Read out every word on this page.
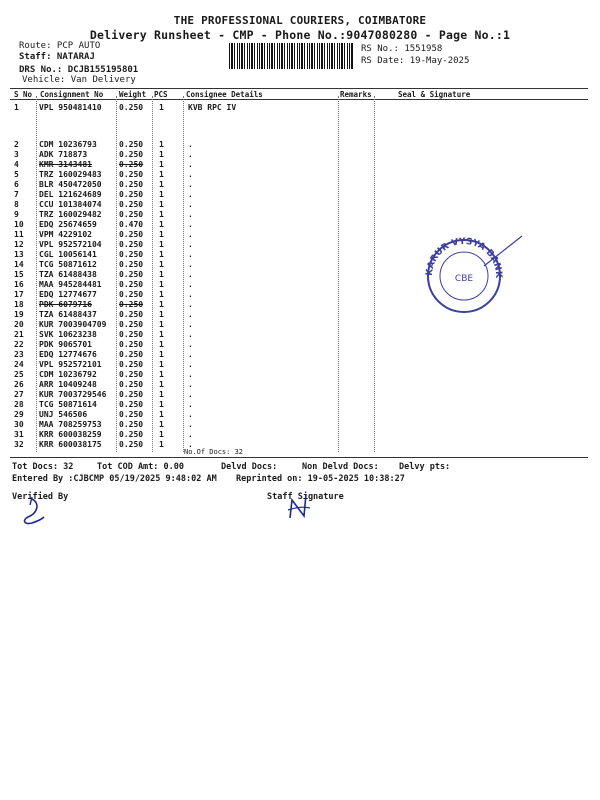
THE PROFESSIONAL COURIERS, COIMBATORE
Delivery Runsheet - CMP - Phone No.:9047080280 - Page No.:1
Route: PCP AUTO
Staff: NATARAJ
DRS No.: DCJB155195801
Vehicle: Van Delivery
RS No.: 1551958
RS Date: 19-May-2025
S No Consignment No Weight PCS Consignee Details	Remarks	Seal & Signature
1	VPL 950481410 0.250 1	KVB RPC IV
2	CDM 10236793	0.250 1	.
3	ADK 718873	0.250 1	.
4	KMR 3143481	0.250 1	.
5	TRZ 160029483 0.250 1	.
6	BLR 450472050 0.250 1	.
7	DEL 121624689 0.250 1	.
8	CCU 101384074 0.250 1	.
9	TRZ 160029482 0.250 1	.
10 EDQ 25674659	0.470 1	.
11 VPM 4229102	0.250 1	.
12 VPL 952572104 0.250 1	.
13 CGL 10056141	0.250 1	.
14 TCG 50871612	0.250 1	.
15 TZA 61488438	0.250 1	.
16 MAA 945284481 0.250 1	.
17 EDQ 12774677	0.250 1	.
18 PDK 6079716	0.250 1	.
19 TZA 61488437	0.250 1	.
20 KUR 7003904709 0.250 1	.
21 SVK 10623238	0.250 1	.
22 PDK 9065701	0.250 1	.
23 EDQ 12774676	0.250 1	.
24 VPL 952572101 0.250 1	.
25 CDM 10236792	0.250 1	.
26 ARR 10409248	0.250 1	.
27 KUR 7003729546 0.250 1	.
28 TCG 50871614	0.250 1	.
29 UNJ 546506	0.250 1	.
30 MAA 708259753 0.250 1	.
31 KRR 600038259 0.250 1	.
32 KRR 600038175 0.250 1	.
No.Of Docs: 32
Tot Docs: 32	Tot COD Amt: 0.00	Delvd Docs:	Non Delvd Docs: Delvy pts:
Entered By :CJBCMP 05/19/2025 9:48:02 AM Reprinted on: 19-05-2025 10:38:27
Verified By	Staff Signature
KARUR VYSYA BANK
CBE
